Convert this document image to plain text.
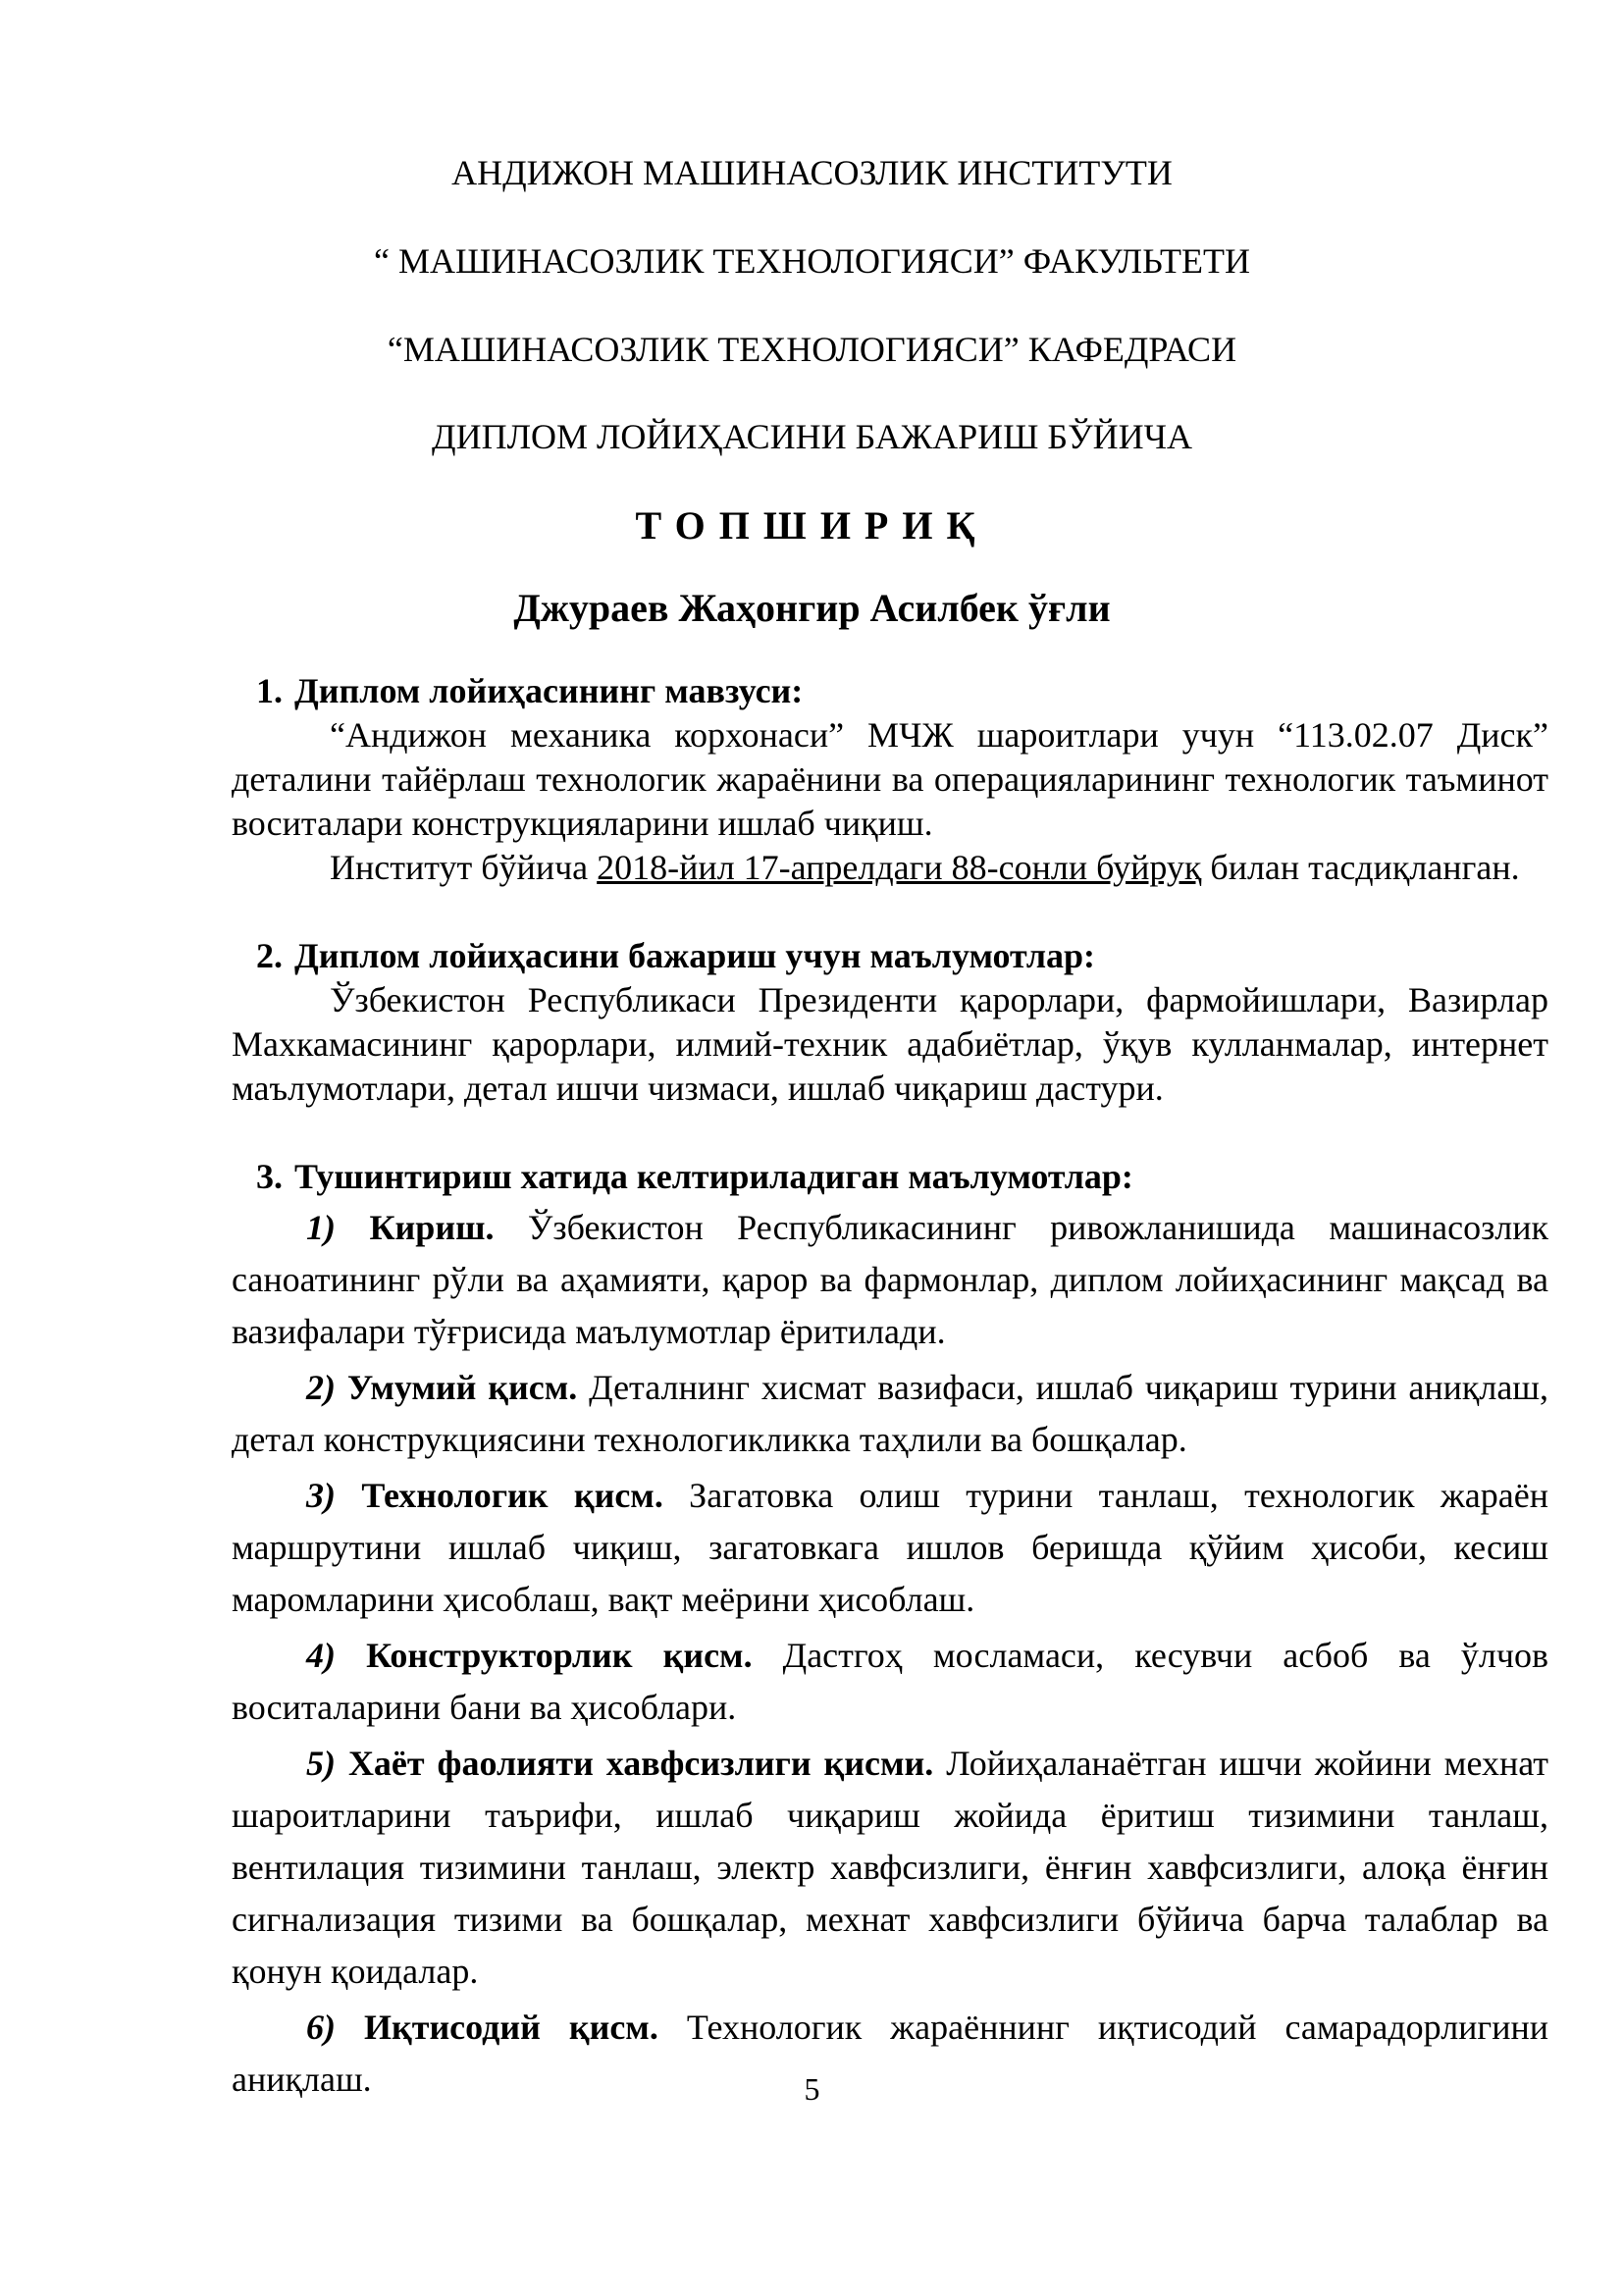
АНДИЖОН МАШИНАСОЗЛИК ИНСТИТУТИ
“ МАШИНАСОЗЛИК ТЕХНОЛОГИЯСИ” ФАКУЛЬТЕТИ
“МАШИНАСОЗЛИК ТЕХНОЛОГИЯСИ” КАФЕДРАСИ
ДИПЛОМ ЛОЙИҲАСИНИ БАЖАРИШ БЎЙИЧА
ТОПШИРИҚ
Джураев Жаҳонгир Асилбек ўғли
1. Диплом лойиҳасининг мавзуси:
“Андижон механика корхонаси” МЧЖ шароитлари учун “113.02.07 Диск” деталини тайёрлаш технологик жараёнини ва операцияларининг технологик таъминот воситалари конструкцияларини ишлаб чиқиш.
Институт бўйича 2018-йил 17-апрелдаги 88-сонли буйруқ билан тасдиқланган.
2. Диплом лойиҳасини бажариш учун маълумотлар:
Ўзбекистон Республикаси Президенти қарорлари, фармойишлари, Вазирлар Махкамасининг қарорлари, илмий-техник адабиётлар, ўқув кулланмалар, интернет маълумотлари, детал ишчи чизмаси, ишлаб чиқариш дастури.
3. Тушинтириш хатида келтириладиган маълумотлар:
1) Кириш. Ўзбекистон Республикасининг ривожланишида машинасозлик саноатининг рўли ва аҳамияти, қарор ва фармонлар, диплом лойиҳасининг мақсад ва вазифалари тўғрисида маълумотлар ёритилади.
2) Умумий қисм. Деталнинг хисмат вазифаси, ишлаб чиқариш турини аниқлаш, детал конструкциясини технологикликка таҳлили ва бошқалар.
3) Технологик қисм. Загатовка олиш турини танлаш, технологик жараён маршрутини ишлаб чиқиш, загатовкага ишлов беришда қўйим ҳисоби, кесиш маромларини ҳисоблаш, вақт меёрини ҳисоблаш.
4) Конструкторлик қисм. Дастгоҳ мосламаси, кесувчи асбоб ва ўлчов воситаларини бани ва ҳисоблари.
5) Хаёт фаолияти хавфсизлиги қисми. Лойиҳаланаётган ишчи жойини мехнат шароитларини таърифи, ишлаб чиқариш жойида ёритиш тизимини танлаш, вентилация тизимини танлаш, электр хавфсизлиги, ёнғин хавфсизлиги, алоқа ёнғин сигнализация тизими ва бошқалар, мехнат хавфсизлиги бўйича барча талаблар ва қонун қоидалар.
6) Иқтисодий қисм. Технологик жараённинг иқтисодий самарадорлигини аниқлаш.	5
